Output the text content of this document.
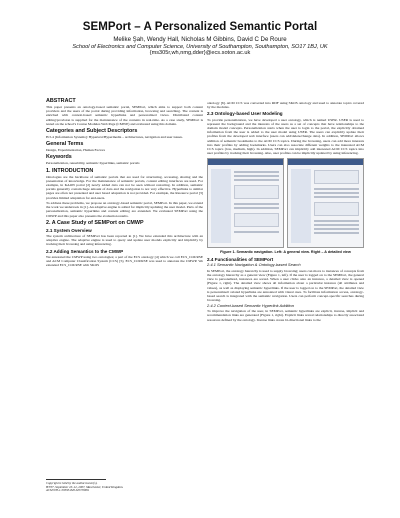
SEMPort – A Personalized Semantic Portal
Melike Şah, Wendy Hall, Nicholas M Gibbins, David C De Roure
School of Electronics and Computer Science, University of Southampton, Southampton, SO17 1BJ, UK
{ms305r,wh,nmg,dder}@ecs.soton.ac.uk
ABSTRACT

This paper presents an ontology-based semantic portal, SEMPort, which aims to support both content providers and the users of the portal during providing information, browsing and searching. The content is enriched with context-based semantic hyperlinks and personalized views. Distributed content editing/provision is supplied for the maintenance of the contents in real-time. As a case study, SEMPort is tested on the school's Course Modules Web Page (CMWP) and evaluated using this domain.

Categories and Subject Descriptors

H.5.4 [Information Systems]: Hypertext/Hypermedia – architectures, navigation and user issues.

General Terms

Design, Experimentation, Human Factors

Keywords

Personalization, reusability, semantic hyperlinks, semantic portals

1. INTRODUCTION

Ontologies are the backbone of semantic portals that are used for structuring, accessing, sharing and the presentation of knowledge. For the maintenance of semantic portals, content editing interfaces are used. For example, in KAON portal [2] newly added data can not be seen without restarting. In addition, semantic portals generally contain huge amount of data and the navigation is not very effective. Hyperlinks to similar pages are often not presented and user based adaptation is not provided. For example, the Resource portal [3] provides limited adaptation for end-users.

To address these problems, we propose an ontology-based semantic portal, SEMPort. In this paper, we extend the work we undertook in [1]. An adaptive engine is added for implicitly updating the user model. Parts of the personalization, semantic hyperlinks and content editing are extended. We evaluated SEMPort using the CMWP and this paper also presents the evaluation results.

2. A Case Study of SEMPort on CMWP
2.1 System Overview

The system architecture of SEMPort has been reported in [1]. We have extended this architecture with an adaptive engine. The adaptive engine is used to query and update user models explicitly and implicitly by tracking their browsing and using inferencing.

2.2 Adding Semantics to the CMWP

We annotated the CMWP using two ontologies; a part of the ECS ontology [4] which we call ECS_COURSE and ACM Computer Classification System (CCS) [5]. ECS_COURSE was used to annotate the CMWP. We extended ECS_COURSE with SKOS

Copyright is held by the author/owner(s).
HT'07, September 10–12, 2007, Manchester, United Kingdom.
ACM 978-1-59593-820-6/07/0009.

ontology [6]. ACM CCS was converted into RDF using SKOS ontology and used to annotate topics covered by the modules.

2.3 Ontology-based User Modeling

To provide personalization, we have developed a user ontology, which is named USER. USER is used to represent the background and the interests of the users as a set of concepts that have relationships to the domain model concepts. Personalization starts when the user is login to the portal, the explicitly obtained information from the user is added to the user model using USER. The users can explicitly update their profiles from the developed web interface (users can add/delete/change data). In addition, SEMPort allows addition of semantic bookmarks to the ACM CCS topics. During the browsing, users can add more interests into their profiles by adding bookmarks. Users can also associate different weights to the interested ACM CCS topics (low, medium, high). In addition, SEMPort can implicitly add interested ACM CCS topics into user profiles by tracking their browsing. Also, user profiles can be implicitly updated by using inferencing.

Figure 1. Semantic navigation. Left: A general view. Right – A detailed view
2.4 Functionalities of SEMPort
2.4.1 Semantic Navigation & Ontology-based Search

In SEMPort, the ontology hierarchy is used to supply browsing; users can move to instances of concepts from the ontology hierarchy as a general view (Figure 1, left). If the user is logged on to the SEMPort, the general view is personalized, instances are sorted. When a user clicks onto an instance, a detailed view is opened (Figure 1, right). The detailed view shows all information about a particular instance (all attributes and values), as well as displaying semantic hyperlinks. If the user is logged on to the SEMPort, the detailed view is personalized: related hyperlinks are annotated with visual cues. To facilitate information access, ontology-based search is integrated with the semantic navigation. Users can perform concept-specific searches during browsing.

2.4.2 Context-based Semantic Hyperlink Addition

To improve the navigation of the user, in SEMPort, semantic hyperlinks are explicit, inverse, implicit and recommendation links are generated (Figure 1, right). Explicit links reveal relationships to directly associated resources defined by the ontology. Inverse links create bi-directional links to the
